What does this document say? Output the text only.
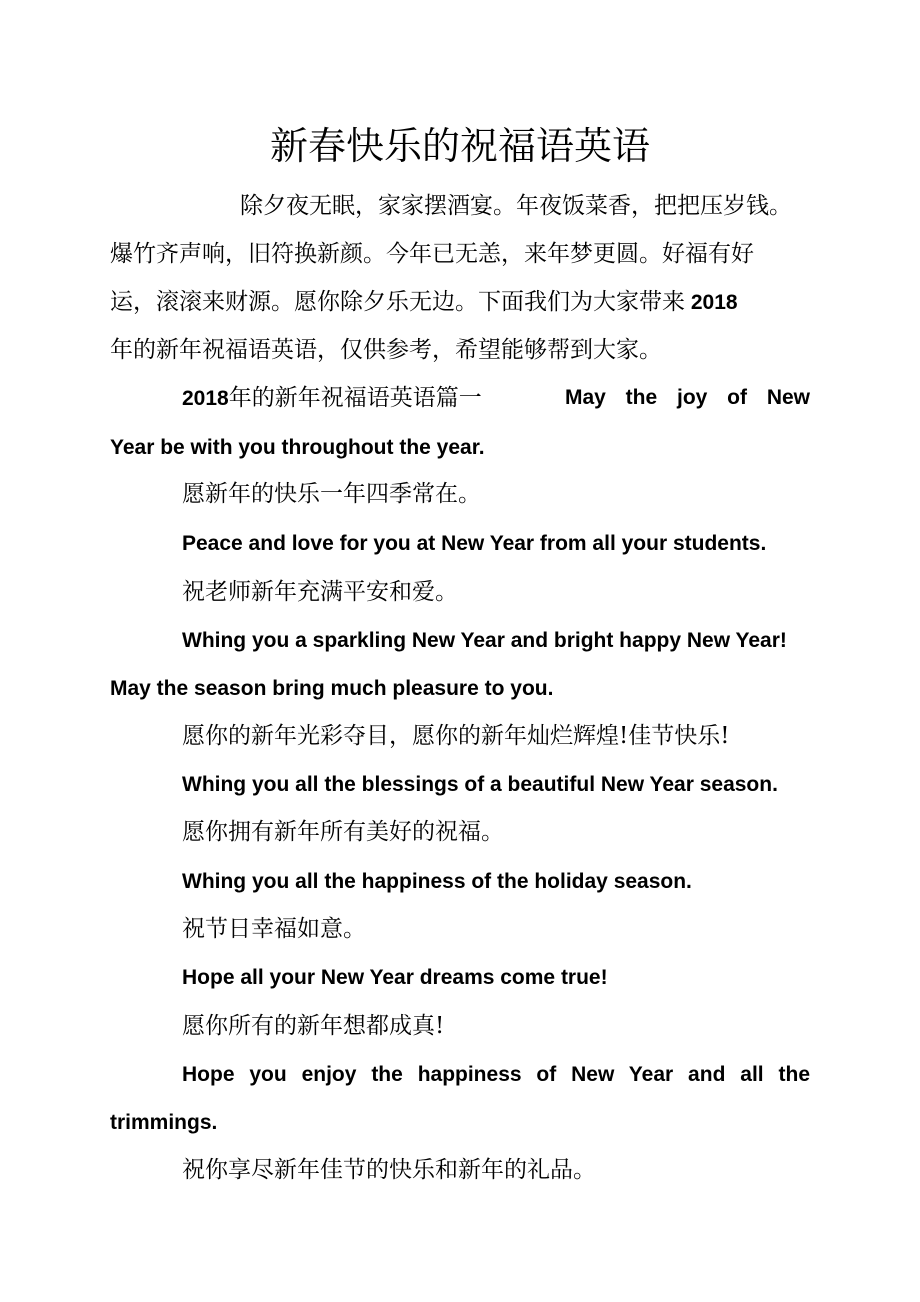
新春快乐的祝福语英语
除夕夜无眠，家家摆酒宴。年夜饭菜香，把把压岁钱。
爆竹齐声响，旧符换新颜。今年已无恙，来年梦更圆。好福有好
运，滚滚来财源。愿你除夕乐无边。下面我们为大家带来 2018
年的新年祝福语英语，仅供参考，希望能够帮到大家。
2018年的新年祝福语英语篇一	May the joy of New
Year be with you throughout the year.
愿新年的快乐一年四季常在。
Peace and love for you at New Year from all your students.
祝老师新年充满平安和爱。
Whing you a sparkling New Year and bright happy New Year!
May the season bring much pleasure to you.
愿你的新年光彩夺目，愿你的新年灿烂辉煌!佳节快乐!
Whing you all the blessings of a beautiful New Year season.
愿你拥有新年所有美好的祝福。
Whing you all the happiness of the holiday season.
祝节日幸福如意。
Hope all your New Year dreams come true!
愿你所有的新年想都成真!
Hope you enjoy the happiness of New Year and all the
trimmings.
祝你享尽新年佳节的快乐和新年的礼品。
